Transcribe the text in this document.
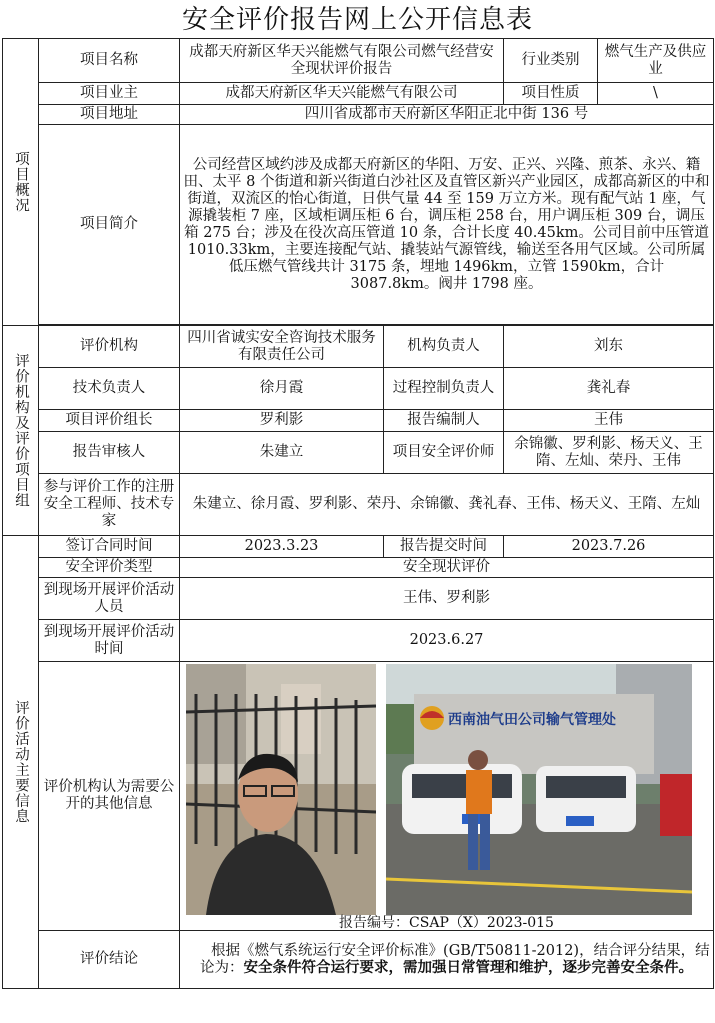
安全评价报告网上公开信息表
项目概况	项目名称	成都天府新区华天兴能燃气有限公司燃气经营安全现状评价报告		行业类别	燃气生产及供应业
	项目业主	成都天府新区华天兴能燃气有限公司		项目性质	\
	项目地址	四川省成都市天府新区华阳正北中街 136 号			
	项目简介	公司经营区域约涉及成都天府新区的华阳、万安、正兴、兴隆、煎茶、永兴、籍田、太平 8 个街道和新兴街道白沙社区及直管区新兴产业园区，成都高新区的中和街道，双流区的怡心街道，日供气量 44 至 159 万立方米。现有配气站 1 座，气源撬装柜 7 座，区域柜调压柜 6 台，调压柜 258 台，用户调压柜 309 台，调压箱 275 台；涉及在役次高压管道 10 条，合计长度 40.45km。公司目前中压管道 1010.33km，主要连接配气站、撬装站气源管线，输送至各用气区域。公司所属低压燃气管线共计 3175 条，埋地 1496km，立管 1590km，合计 3087.8km。阀井 1798 座。			

评价机构及评价项目组	评价机构	四川省诚实安全咨询技术服务有限责任公司	机构负责人	刘东	
	技术负责人	徐月霞	过程控制负责人	龚礼春	
	项目评价组长	罗利影	报告编制人	王伟	
	报告审核人	朱建立	项目安全评价师	余锦徽、罗利影、杨天义、王隋、左灿、荣丹、王伟	
	参与评价工作的注册安全工程师、技术专家	朱建立、徐月霞、罗利影、荣丹、余锦徽、龚礼春、王伟、杨天义、王隋、左灿			
评价活动主要信息	签订合同时间	2023.3.23	报告提交时间	2023.7.26	
	安全评价类型	安全现状评价			
	到现场开展评价活动人员	王伟、罗利影			
	到现场开展评价活动时间	2023.6.27			
	评价机构认为需要公开的其他信息	西南油气田公司输气管理处
报告编号：CSAP（X）2023-015			

	评价结论	根据《燃气系统运行安全评价标准》(GB/T50811-2012)，结合评分结果，结论为：安全条件符合运行要求，需加强日常管理和维护，逐步完善安全条件。			
